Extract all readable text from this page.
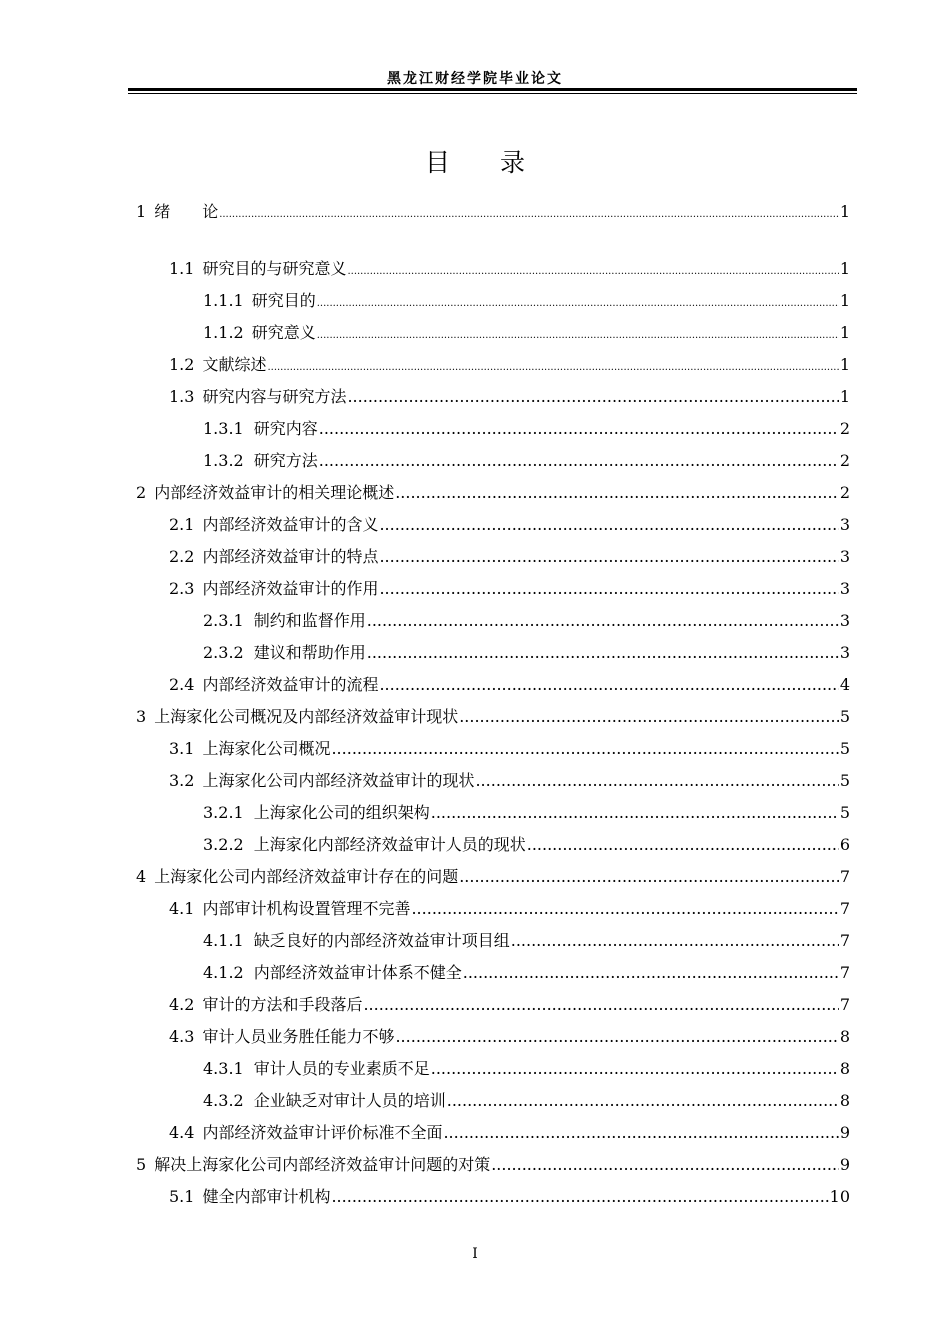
黑龙江财经学院毕业论文
目 录
1 绪　　论 .....	1
1.1 研究目的与研究意义 .....	1
1.1.1 研究目的 .....	1
1.1.2 研究意义 .....	1
1.2 文献综述 .....	1
1.3 研究内容与研究方法 .....	1
1.3.1 研究内容 .....	2
1.3.2 研究方法 .....	2
2 内部经济效益审计的相关理论概述 .....	2
2.1 内部经济效益审计的含义 .....	3
2.2 内部经济效益审计的特点 .....	3
2.3 内部经济效益审计的作用 .....	3
2.3.1 制约和监督作用 .....	3
2.3.2 建议和帮助作用 .....	3
2.4 内部经济效益审计的流程 .....	4
3 上海家化公司概况及内部经济效益审计现状 .....	5
3.1 上海家化公司概况 .....	5
3.2 上海家化公司内部经济效益审计的现状 .....	5
3.2.1 上海家化公司的组织架构 .....	5
3.2.2 上海家化内部经济效益审计人员的现状 .....	6
4 上海家化公司内部经济效益审计存在的问题 .....	7
4.1 内部审计机构设置管理不完善 .....	7
4.1.1 缺乏良好的内部经济效益审计项目组 .....	7
4.1.2 内部经济效益审计体系不健全 .....	7
4.2 审计的方法和手段落后 .....	7
4.3 审计人员业务胜任能力不够 .....	8
4.3.1 审计人员的专业素质不足 .....	8
4.3.2 企业缺乏对审计人员的培训 .....	8
4.4 内部经济效益审计评价标准不全面 .....	9
5 解决上海家化公司内部经济效益审计问题的对策 .....	9
5.1 健全内部审计机构 .....	10
I
